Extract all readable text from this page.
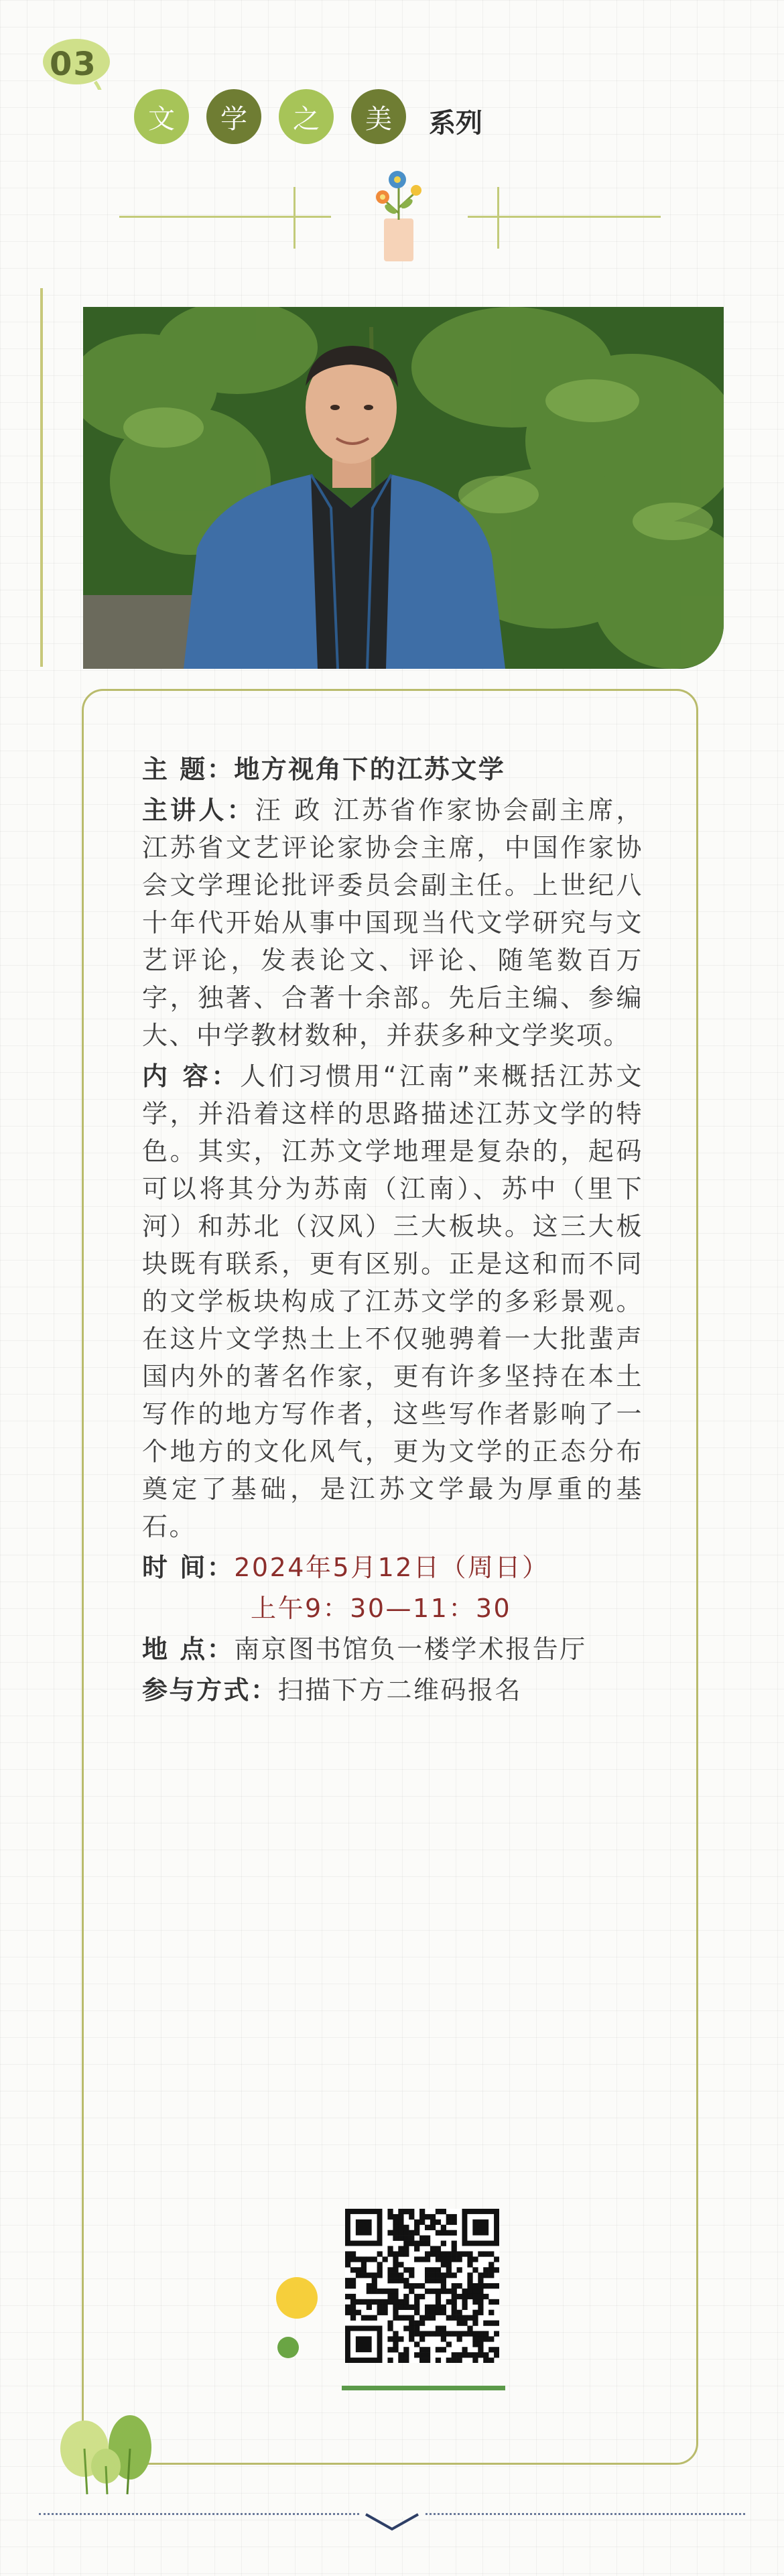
03
文	学	之	美	系列

主 题：地方视角下的江苏文学

主讲人：汪 政 江苏省作家协会副主席，江苏省文艺评论家协会主席，中国作家协会文学理论批评委员会副主任。上世纪八十年代开始从事中国现当代文学研究与文艺评论，发表论文、评论、随笔数百万字，独著、合著十余部。先后主编、参编大、中学教材数种，并获多种文学奖项。

内 容：人们习惯用“江南”来概括江苏文学，并沿着这样的思路描述江苏文学的特色。其实，江苏文学地理是复杂的，起码可以将其分为苏南（江南）、苏中（里下河）和苏北（汉风）三大板块。这三大板块既有联系，更有区别。正是这和而不同的文学板块构成了江苏文学的多彩景观。在这片文学热土上不仅驰骋着一大批蜚声国内外的著名作家，更有许多坚持在本土写作的地方写作者，这些写作者影响了一个地方的文化风气，更为文学的正态分布奠定了基础，是江苏文学最为厚重的基石。

时 间：2024年5月12日（周日）

上午9：30—11：30

地 点：南京图书馆负一楼学术报告厅

参与方式：扫描下方二维码报名
